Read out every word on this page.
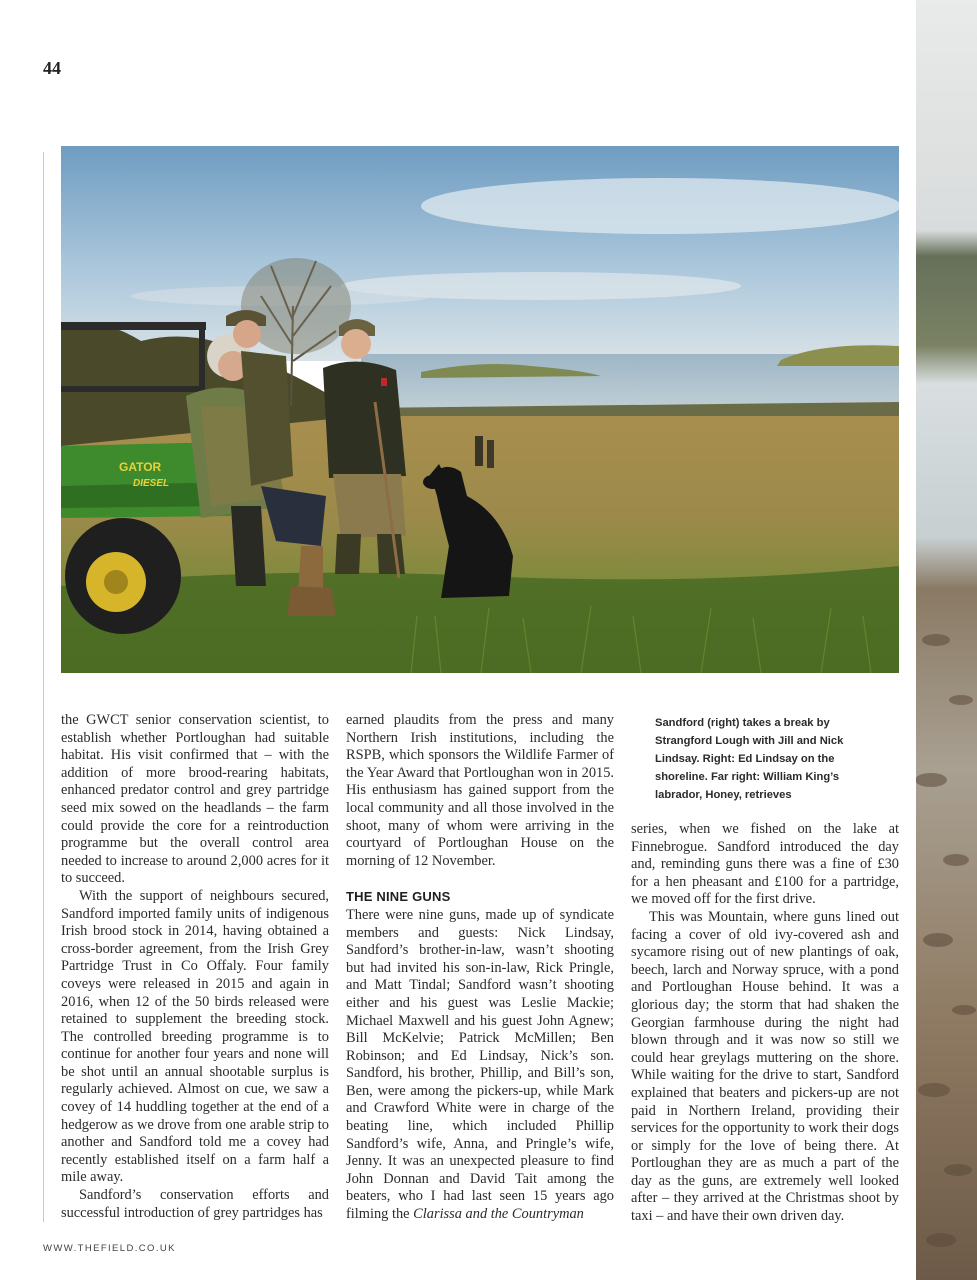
44
GATOR
DIESEL

the GWCT senior conservation scientist, to establish whether Portloughan had suitable habitat. His visit confirmed that – with the addition of more brood-rearing habitats, enhanced predator control and grey partridge seed mix sowed on the headlands – the farm could provide the core for a reintroduction programme but the overall control area needed to increase to around 2,000 acres for it to succeed.

With the support of neighbours secured, Sandford imported family units of indigenous Irish brood stock in 2014, having obtained a cross-border agreement, from the Irish Grey Partridge Trust in Co Offaly. Four family coveys were released in 2015 and again in 2016, when 12 of the 50 birds released were retained to supplement the breeding stock. The controlled breeding programme is to continue for another four years and none will be shot until an annual shootable surplus is regularly achieved. Almost on cue, we saw a covey of 14 huddling together at the end of a hedgerow as we drove from one arable strip to another and Sandford told me a covey had recently established itself on a farm half a mile away.

Sandford’s conservation efforts and successful introduction of grey partridges has

earned plaudits from the press and many Northern Irish institutions, including the RSPB, which sponsors the Wildlife Farmer of the Year Award that Portloughan won in 2015. His enthusiasm has gained support from the local community and all those involved in the shoot, many of whom were arriving in the courtyard of Portloughan House on the morning of 12 November.

THE NINE GUNS

There were nine guns, made up of syndicate members and guests: Nick Lindsay, Sandford’s brother-in-law, wasn’t shooting but had invited his son-in-law, Rick Pringle, and Matt Tindal; Sandford wasn’t shooting either and his guest was Leslie Mackie; Michael Maxwell and his guest John Agnew; Bill McKelvie; Patrick McMillen; Ben Robinson; and Ed Lindsay, Nick’s son. Sandford, his brother, Phillip, and Bill’s son, Ben, were among the pickers-up, while Mark and Crawford White were in charge of the beating line, which included Phillip Sandford’s wife, Anna, and Pringle’s wife, Jenny. It was an unexpected pleasure to find John Donnan and David Tait among the beaters, who I had last seen 15 years ago filming the Clarissa and the Countryman

Sandford (right) takes a break by Strangford Lough with Jill and Nick Lindsay. Right: Ed Lindsay on the shoreline. Far right: William King’s labrador, Honey, retrieves

series, when we fished on the lake at Finnebrogue. Sandford introduced the day and, reminding guns there was a fine of £30 for a hen pheasant and £100 for a partridge, we moved off for the first drive.

This was Mountain, where guns lined out facing a cover of old ivy-covered ash and sycamore rising out of new plantings of oak, beech, larch and Norway spruce, with a pond and Portloughan House behind. It was a glorious day; the storm that had shaken the Georgian farmhouse during the night had blown through and it was now so still we could hear greylags muttering on the shore. While waiting for the drive to start, Sandford explained that beaters and pickers-up are not paid in Northern Ireland, providing their services for the opportunity to work their dogs or simply for the love of being there. At Portloughan they are as much a part of the day as the guns, are extremely well looked after – they arrived at the Christmas shoot by taxi – and have their own driven day.

WWW.THEFIELD.CO.UK
